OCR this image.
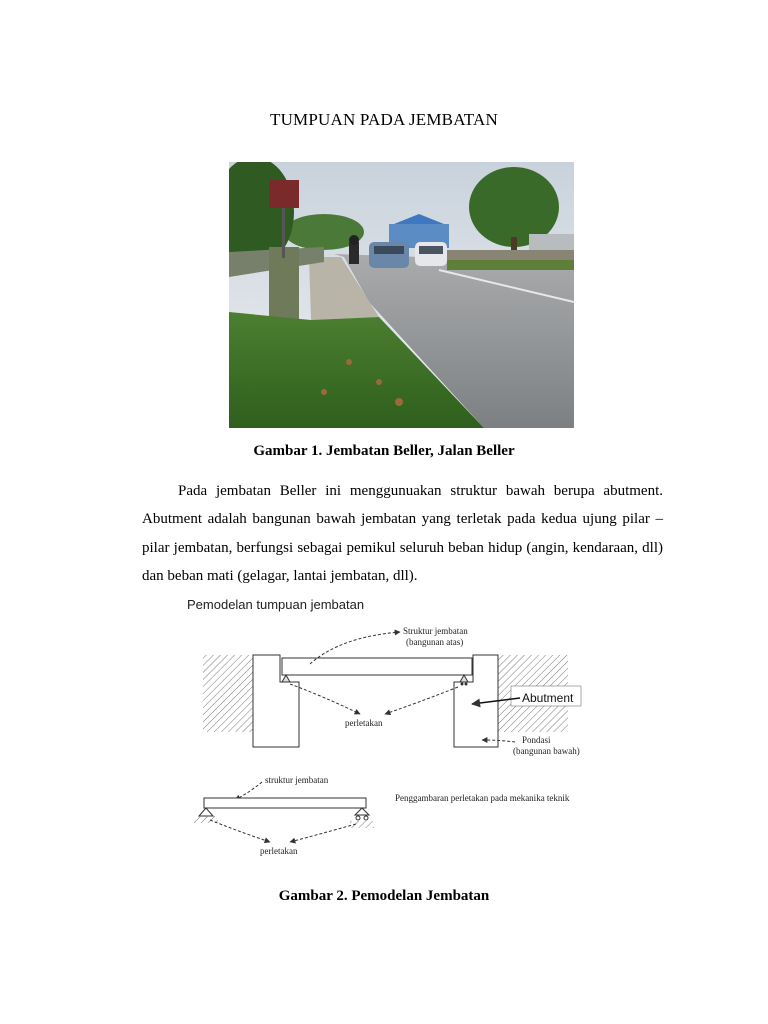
TUMPUAN PADA JEMBATAN
Gambar 1. Jembatan Beller, Jalan Beller
Pada jembatan Beller ini menggunuakan struktur bawah berupa abutment.
Abutment adalah bangunan bawah jembatan yang terletak pada kedua ujung pilar –
pilar jembatan, berfungsi sebagai pemikul seluruh beban hidup (angin, kendaraan, dll)
dan beban mati (gelagar, lantai jembatan, dll).
Pemodelan tumpuan jembatan
Struktur jembatan
(bangunan atas)
perletakan
Abutment
Pondasi
(bangunan bawah)
struktur jembatan
Penggambaran perletakan pada mekanika teknik
perletakan
Gambar 2. Pemodelan Jembatan
